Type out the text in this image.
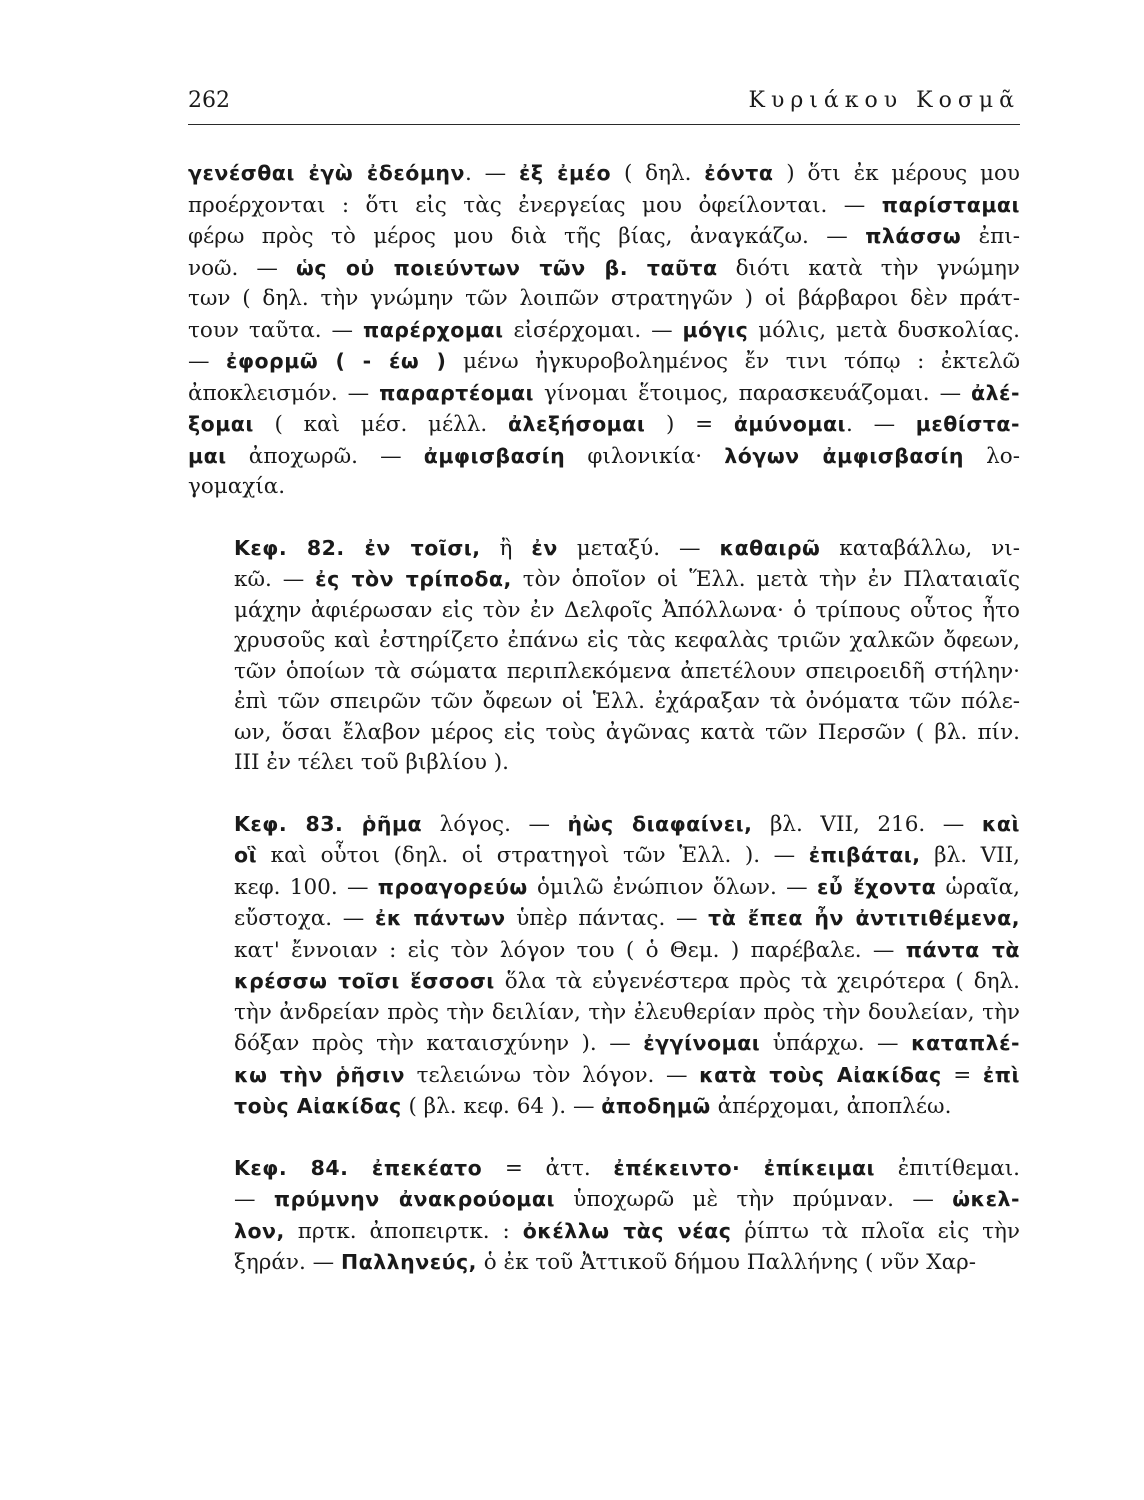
262	Κυριάκου Κοσμᾶ
γενέσθαι ἐγὼ ἐδεόμην. — ἐξ ἐμέο ( δηλ. ἐόντα ) ὅτι ἐκ μέρους μου
προέρχονται : ὅτι εἰς τὰς ἐνεργείας μου ὀφείλονται. — παρίσταμαι
φέρω πρὸς τὸ μέρος μου διὰ τῆς βίας, ἀναγκάζω. — πλάσσω ἐπι-
νοῶ. — ὡς οὐ ποιεύντων τῶν β. ταῦτα διότι κατὰ τὴν γνώμην
των ( δηλ. τὴν γνώμην τῶν λοιπῶν στρατηγῶν ) οἱ βάρβαροι δὲν πράτ-
τουν ταῦτα. — παρέρχομαι εἰσέρχομαι. — μόγις μόλις, μετὰ δυσκολίας.
— ἐφορμῶ ( - έω ) μένω ἠγκυροβολημένος ἔν τινι τόπῳ : ἐκτελῶ
ἀποκλεισμόν. — παραρτέομαι γίνομαι ἕτοιμος, παρασκευάζομαι. — ἀλέ-
ξομαι ( καὶ μέσ. μέλλ. ἀλεξήσομαι ) = ἀμύνομαι. — μεθίστα-
μαι ἀποχωρῶ. — ἀμφισβασίη φιλονικία· λόγων ἀμφισβασίη λο-
γομαχία.
Κεφ. 82. ἐν τοῖσι, ἢ ἐν μεταξύ. — καθαιρῶ καταβάλλω, νι-
κῶ. — ἐς τὸν τρίποδα, τὸν ὁποῖον οἱ Ἕλλ. μετὰ τὴν ἐν Πλαταιαῖς
μάχην ἀφιέρωσαν εἰς τὸν ἐν Δελφοῖς Ἀπόλλωνα· ὁ τρίπους οὗτος ἦτο
χρυσοῦς καὶ ἐστηρίζετο ἐπάνω εἰς τὰς κεφαλὰς τριῶν χαλκῶν ὄφεων,
τῶν ὁποίων τὰ σώματα περιπλεκόμενα ἀπετέλουν σπειροειδῆ στήλην·
ἐπὶ τῶν σπειρῶν τῶν ὄφεων οἱ Ἑλλ. ἐχάραξαν τὰ ὀνόματα τῶν πόλε-
ων, ὅσαι ἔλαβον μέρος εἰς τοὺς ἀγῶνας κατὰ τῶν Περσῶν ( βλ. πίν.
III ἐν τέλει τοῦ βιβλίου ).
Κεφ. 83. ῥῆμα λόγος. — ἠὼς διαφαίνει, βλ. VII, 216. — καὶ
οἳ καὶ οὗτοι (δηλ. οἱ στρατηγοὶ τῶν Ἑλλ. ). — ἐπιβάται, βλ. VII,
κεφ. 100. — προαγορεύω ὁμιλῶ ἐνώπιον ὅλων. — εὖ ἔχοντα ὡραῖα,
εὔστοχα. — ἐκ πάντων ὑπὲρ πάντας. — τὰ ἔπεα ἦν ἀντιτιθέμενα,
κατ' ἔννοιαν : εἰς τὸν λόγον του ( ὁ Θεμ. ) παρέβαλε. — πάντα τὰ
κρέσσω τοῖσι ἕσσοσι ὅλα τὰ εὐγενέστερα πρὸς τὰ χειρότερα ( δηλ.
τὴν ἀνδρείαν πρὸς τὴν δειλίαν, τὴν ἐλευθερίαν πρὸς τὴν δουλείαν, τὴν
δόξαν πρὸς τὴν καταισχύνην ). — ἐγγίνομαι ὑπάρχω. — καταπλέ-
κω τὴν ῥῆσιν τελειώνω τὸν λόγον. — κατὰ τοὺς Αἰακίδας = ἐπὶ
τοὺς Αἰακίδας ( βλ. κεφ. 64 ). — ἀποδημῶ ἀπέρχομαι, ἀποπλέω.
Κεφ. 84. ἐπεκέατο = ἀττ. ἐπέκειντο· ἐπίκειμαι ἐπιτίθεμαι.
— πρύμνην ἀνακρούομαι ὑποχωρῶ μὲ τὴν πρύμναν. — ὠκελ-
λον, πρτκ. ἀποπειρτκ. : ὀκέλλω τὰς νέας ῥίπτω τὰ πλοῖα εἰς τὴν
ξηράν. — Παλληνεύς, ὁ ἐκ τοῦ Ἀττικοῦ δήμου Παλλήνης ( νῦν Χαρ-
